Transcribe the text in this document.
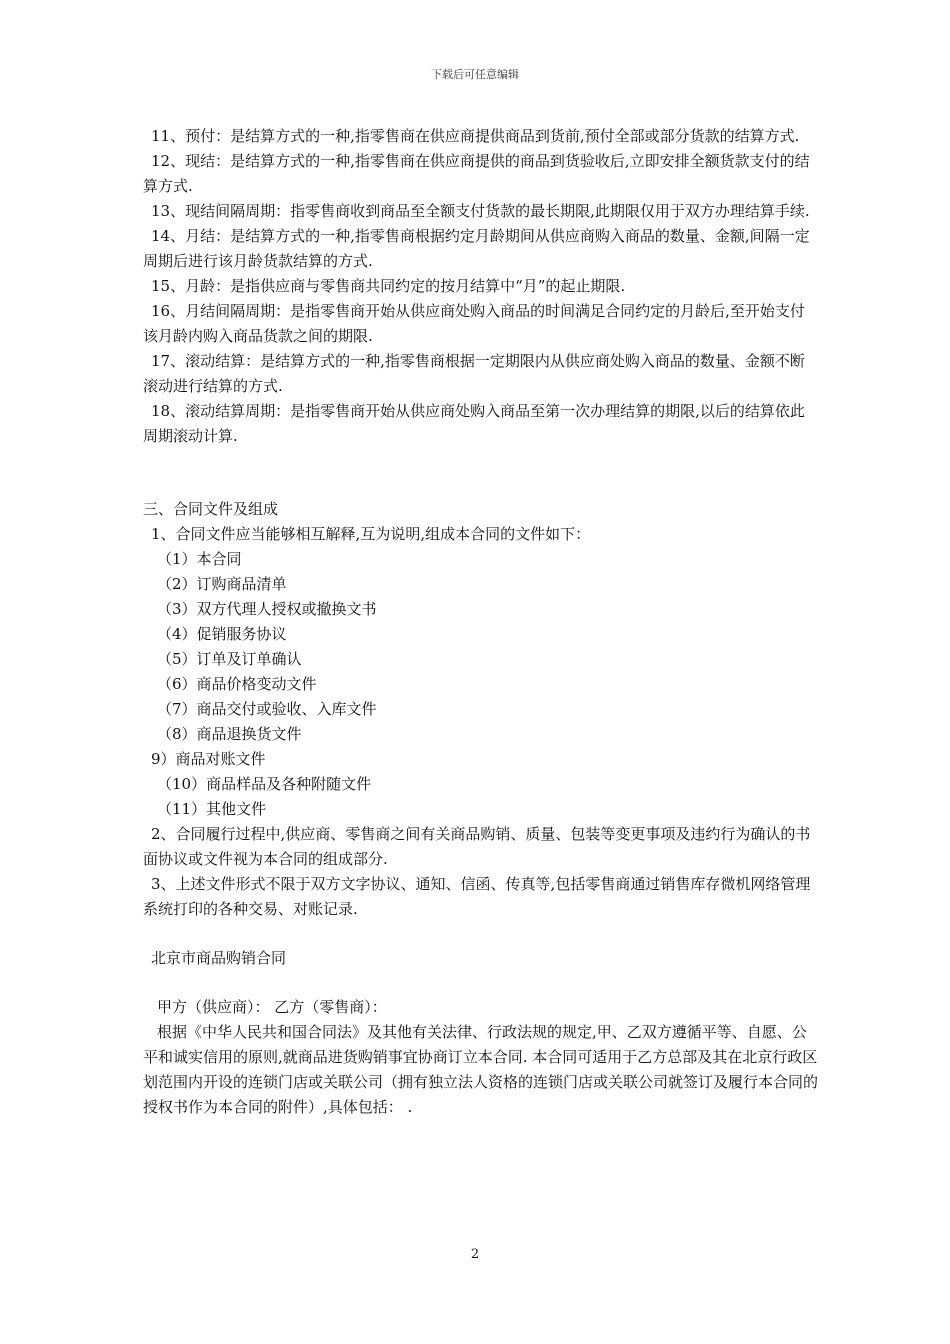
下载后可任意编辑

11、预付：是结算方式的一种,指零售商在供应商提供商品到货前,预付全部或部分货款的结算方式.

12、现结：是结算方式的一种,指零售商在供应商提供的商品到货验收后,立即安排全额货款支付的结算方式.

13、现结间隔周期：指零售商收到商品至全额支付货款的最长期限,此期限仅用于双方办理结算手续.

14、月结：是结算方式的一种,指零售商根据约定月龄期间从供应商购入商品的数量、金额,间隔一定周期后进行该月龄货款结算的方式.

15、月龄：是指供应商与零售商共同约定的按月结算中“月”的起止期限.

16、月结间隔周期：是指零售商开始从供应商处购入商品的时间满足合同约定的月龄后,至开始支付该月龄内购入商品货款之间的期限.

17、滚动结算：是结算方式的一种,指零售商根据一定期限内从供应商处购入商品的数量、金额不断滚动进行结算的方式.

18、滚动结算周期：是指零售商开始从供应商处购入商品至第一次办理结算的期限,以后的结算依此周期滚动计算.

三、合同文件及组成

1、合同文件应当能够相互解释,互为说明,组成本合同的文件如下：

（1）本合同

（2）订购商品清单

（3）双方代理人授权或撤换文书

（4）促销服务协议

（5）订单及订单确认

（6）商品价格变动文件

（7）商品交付或验收、入库文件

（8）商品退换货文件

9）商品对账文件

（10）商品样品及各种附随文件

（11）其他文件

2、合同履行过程中,供应商、零售商之间有关商品购销、质量、包装等变更事项及违约行为确认的书面协议或文件视为本合同的组成部分.

3、上述文件形式不限于双方文字协议、通知、信函、传真等,包括零售商通过销售库存微机网络管理系统打印的各种交易、对账记录.

北京市商品购销合同

甲方（供应商）： 乙方（零售商）：

根据《中华人民共和国合同法》及其他有关法律、行政法规的规定,甲、乙双方遵循平等、自愿、公平和诚实信用的原则,就商品进货购销事宜协商订立本合同. 本合同可适用于乙方总部及其在北京行政区划范围内开设的连锁门店或关联公司（拥有独立法人资格的连锁门店或关联公司就签订及履行本合同的授权书作为本合同的附件）,具体包括： .

2
